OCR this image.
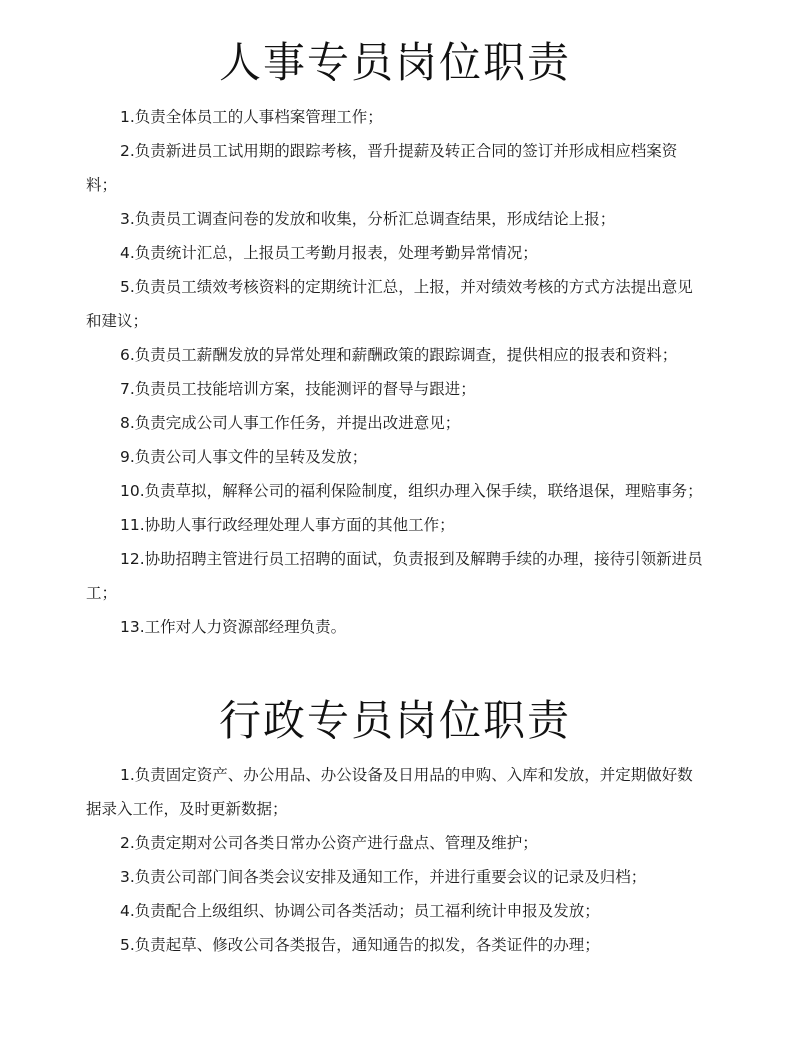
人事专员岗位职责
1.负责全体员工的人事档案管理工作；
2.负责新进员工试用期的跟踪考核，晋升提薪及转正合同的签订并形成相应档案资料；
3.负责员工调查问卷的发放和收集，分析汇总调查结果，形成结论上报；
4.负责统计汇总，上报员工考勤月报表，处理考勤异常情况；
5.负责员工绩效考核资料的定期统计汇总，上报，并对绩效考核的方式方法提出意见和建议；
6.负责员工薪酬发放的异常处理和薪酬政策的跟踪调查，提供相应的报表和资料；
7.负责员工技能培训方案，技能测评的督导与跟进；
8.负责完成公司人事工作任务，并提出改进意见；
9.负责公司人事文件的呈转及发放；
10.负责草拟，解释公司的福利保险制度，组织办理入保手续，联络退保，理赔事务；
11.协助人事行政经理处理人事方面的其他工作；
12.协助招聘主管进行员工招聘的面试，负责报到及解聘手续的办理，接待引领新进员工；
13.工作对人力资源部经理负责。
行政专员岗位职责
1.负责固定资产、办公用品、办公设备及日用品的申购、入库和发放，并定期做好数据录入工作，及时更新数据；
2.负责定期对公司各类日常办公资产进行盘点、管理及维护；
3.负责公司部门间各类会议安排及通知工作，并进行重要会议的记录及归档；
4.负责配合上级组织、协调公司各类活动；员工福利统计申报及发放；
5.负责起草、修改公司各类报告，通知通告的拟发，各类证件的办理；
